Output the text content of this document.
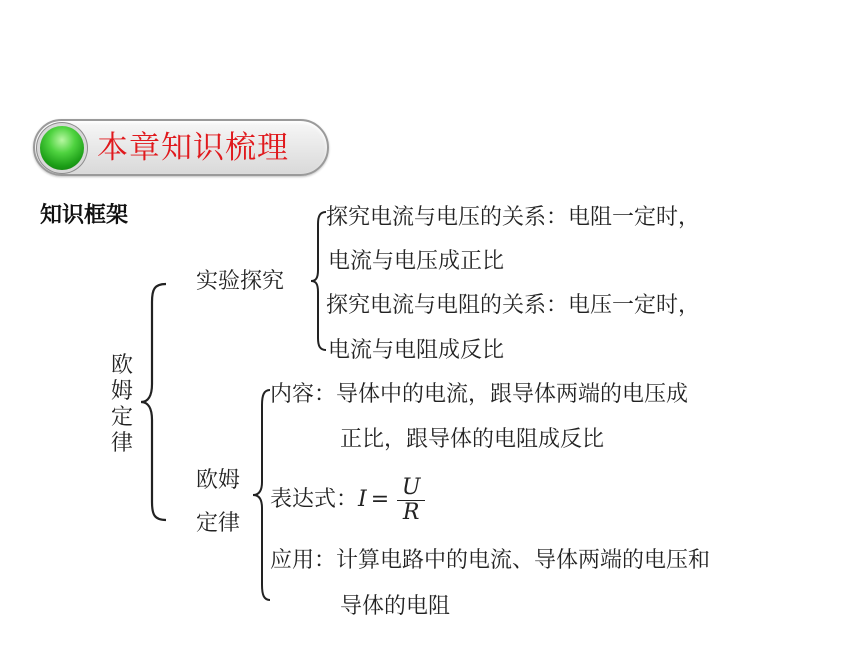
本章知识梳理
知识框架
欧
姆
定
律
实验探究
探究电流与电压的关系：电阻一定时，
电流与电压成正比
探究电流与电阻的关系：电压一定时，
电流与电阻成反比
欧姆
定律
内容：导体中的电流，跟导体两端的电压成
正比，跟导体的电阻成反比
表达式：$I = \frac{U}{R}$
应用：计算电路中的电流、导体两端的电压和
导体的电阻
